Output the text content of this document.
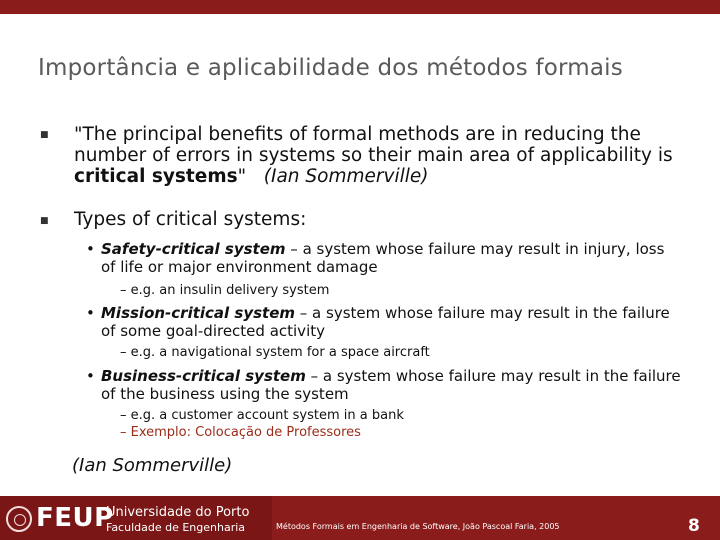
Importância e aplicabilidade dos métodos formais
■ "The principal benefits of formal methods are in reducing the number of errors in systems so their main area of applicability is critical systems" (Ian Sommerville)
■ Types of critical systems:
• Safety-critical system – a system whose failure may result in injury, loss of life or major environment damage
– e.g. an insulin delivery system
• Mission-critical system – a system whose failure may result in the failure of some goal-directed activity
– e.g. a navigational system for a space aircraft
• Business-critical system – a system whose failure may result in the failure of the business using the system
– e.g. a customer account system in a bank
– Exemplo: Colocação de Professores
(Ian Sommerville)
FEUP
Universidade do Porto
Faculdade de Engenharia	Métodos Formais em Engenharia de Software, João Pascoal Faria, 2005	8
